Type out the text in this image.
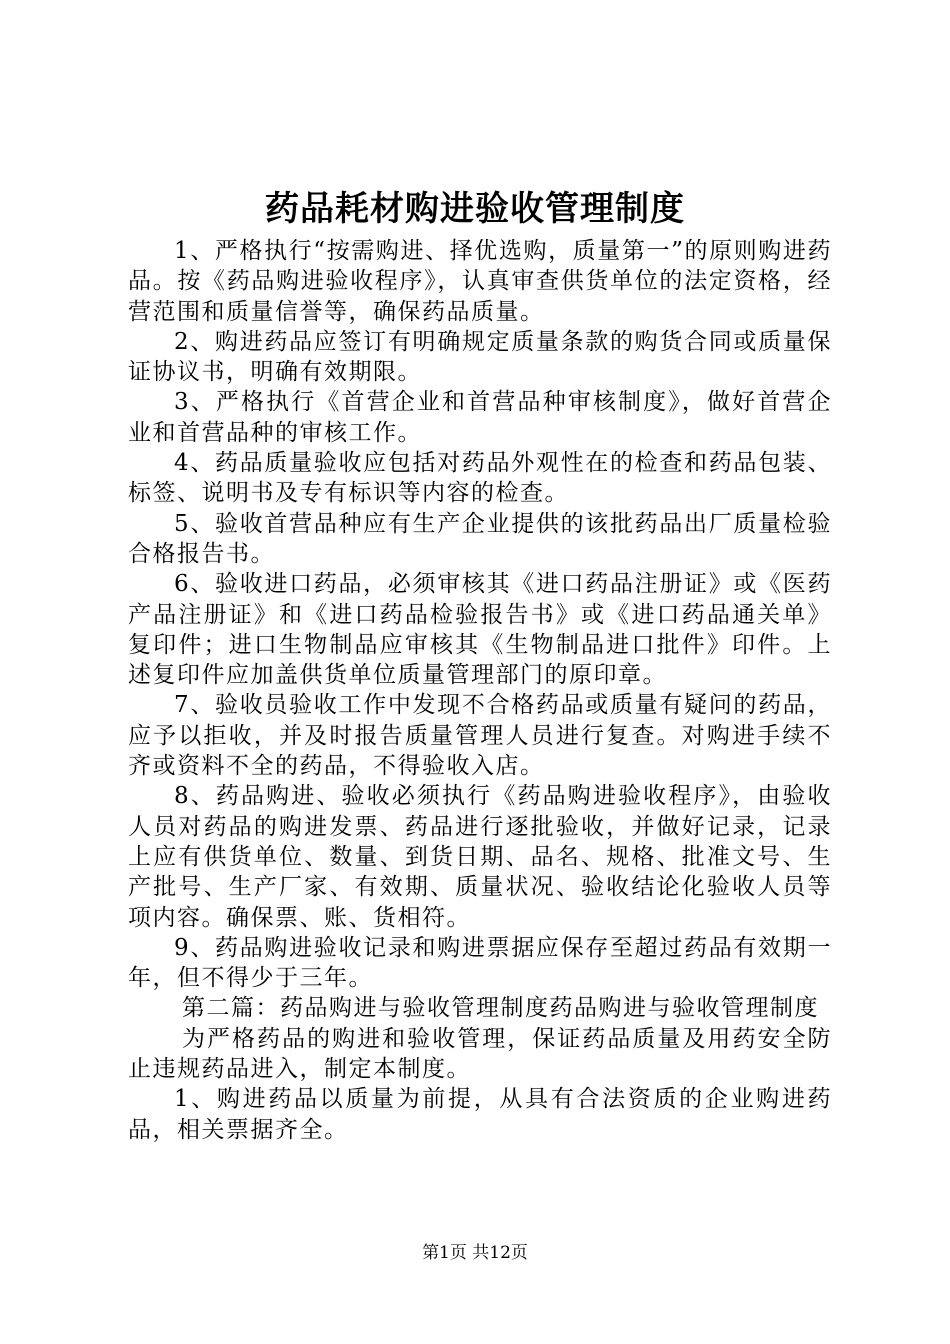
药品耗材购进验收管理制度

1、严格执行“按需购进、择优选购，质量第一”的原则购进药品。按《药品购进验收程序》，认真审查供货单位的法定资格，经营范围和质量信誉等，确保药品质量。

2、购进药品应签订有明确规定质量条款的购货合同或质量保证协议书，明确有效期限。

3、严格执行《首营企业和首营品种审核制度》，做好首营企业和首营品种的审核工作。

4、药品质量验收应包括对药品外观性在的检查和药品包装、标签、说明书及专有标识等内容的检查。

5、验收首营品种应有生产企业提供的该批药品出厂质量检验合格报告书。

6、验收进口药品，必须审核其《进口药品注册证》或《医药产品注册证》和《进口药品检验报告书》或《进口药品通关单》复印件；进口生物制品应审核其《生物制品进口批件》印件。上述复印件应加盖供货单位质量管理部门的原印章。

7、验收员验收工作中发现不合格药品或质量有疑问的药品，应予以拒收，并及时报告质量管理人员进行复查。对购进手续不齐或资料不全的药品，不得验收入店。

8、药品购进、验收必须执行《药品购进验收程序》，由验收人员对药品的购进发票、药品进行逐批验收，并做好记录，记录上应有供货单位、数量、到货日期、品名、规格、批准文号、生产批号、生产厂家、有效期、质量状况、验收结论化验收人员等项内容。确保票、账、货相符。

9、药品购进验收记录和购进票据应保存至超过药品有效期一年，但不得少于三年。

第二篇：药品购进与验收管理制度药品购进与验收管理制度

为严格药品的购进和验收管理，保证药品质量及用药安全防止违规药品进入，制定本制度。

1、购进药品以质量为前提，从具有合法资质的企业购进药品，相关票据齐全。

第1页 共12页
